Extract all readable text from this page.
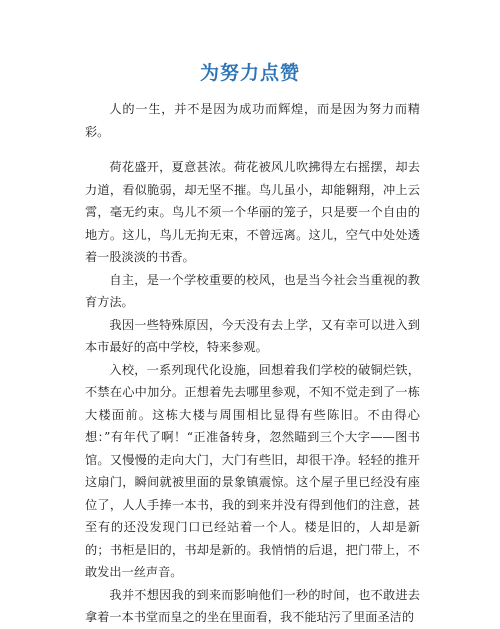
为努力点赞

人的一生，并不是因为成功而辉煌，而是因为努力而精彩。

荷花盛开，夏意甚浓。荷花被风儿吹拂得左右摇摆，却去力道，看似脆弱，却无坚不摧。鸟儿虽小，却能翱翔，冲上云霄，毫无约束。鸟儿不须一个华丽的笼子，只是要一个自由的地方。这儿，鸟儿无拘无束，不曾远离。这儿，空气中处处透着一股淡淡的书香。

自主，是一个学校重要的校风，也是当今社会当重视的教育方法。

我因一些特殊原因，今天没有去上学，又有幸可以进入到本市最好的高中学校，特来参观。

入校，一系列现代化设施，回想着我们学校的破铜烂铁，不禁在心中加分。正想着先去哪里参观，不知不觉走到了一栋大楼面前。这栋大楼与周围相比显得有些陈旧。不由得心想：”有年代了啊！“正准备转身，忽然瞄到三个大字——图书馆。又慢慢的走向大门，大门有些旧，却很干净。轻轻的推开这扇门，瞬间就被里面的景象镇震惊。这个屋子里已经没有座位了，人人手捧一本书，我的到来并没有得到他们的注意，甚至有的还没发现门口已经站着一个人。楼是旧的，人却是新的；书柜是旧的，书却是新的。我悄悄的后退，把门带上，不敢发出一丝声音。

我并不想因我的到来而影响他们一秒的时间，也不敢进去拿着一本书堂而皇之的坐在里面看，我不能玷污了里面圣洁的
